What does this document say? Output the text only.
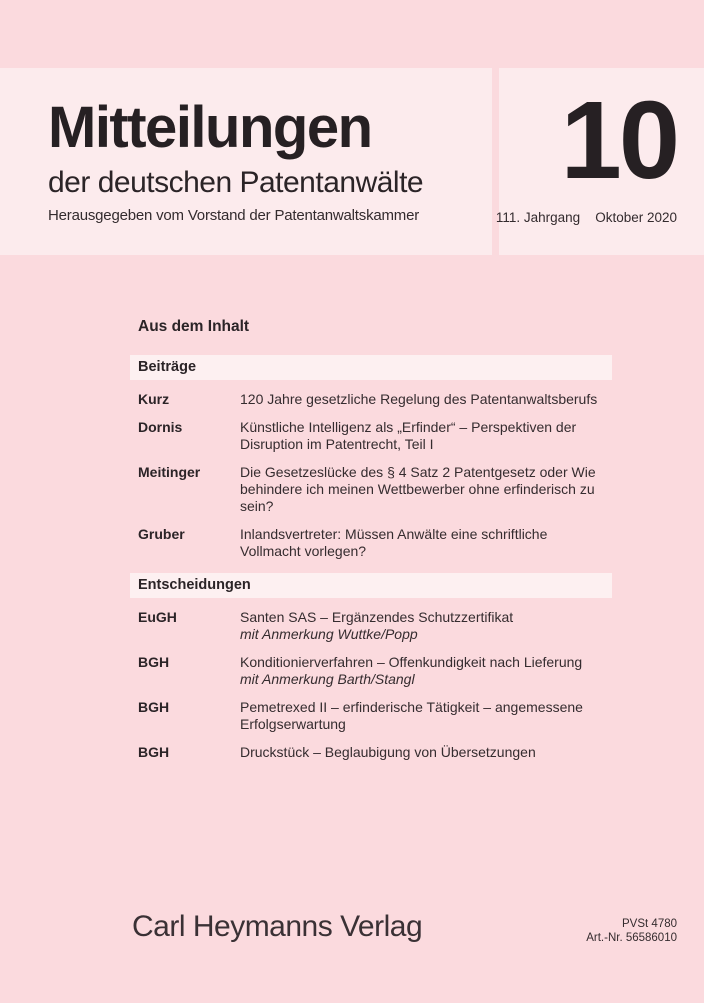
Mitteilungen
der deutschen Patentanwälte

Herausgegeben vom Vorstand der Patentanwaltskammer

10
111. Jahrgang Oktober 2020
Aus dem Inhalt
Beiträge
Kurz	120 Jahre gesetzliche Regelung des Patentanwaltsberufs
Dornis	Künstliche Intelligenz als „Erfinder“ – Perspektiven der Disruption im Patentrecht, Teil I
Meitinger	Die Gesetzeslücke des § 4 Satz 2 Patentgesetz oder Wie behindere ich meinen Wettbewerber ohne erfinderisch zu sein?
Gruber	Inlandsvertreter: Müssen Anwälte eine schriftliche Vollmacht vorlegen?
Entscheidungen
EuGH	Santen SAS – Ergänzendes Schutzzertifikat
mit Anmerkung Wuttke/Popp
BGH	Konditionierverfahren – Offenkundigkeit nach Lieferung
mit Anmerkung Barth/Stangl
BGH	Pemetrexed II – erfinderische Tätigkeit – angemessene Erfolgserwartung
BGH	Druckstück – Beglaubigung von Übersetzungen
Carl Heymanns Verlag	PVSt 4780
Art.-Nr. 56586010
